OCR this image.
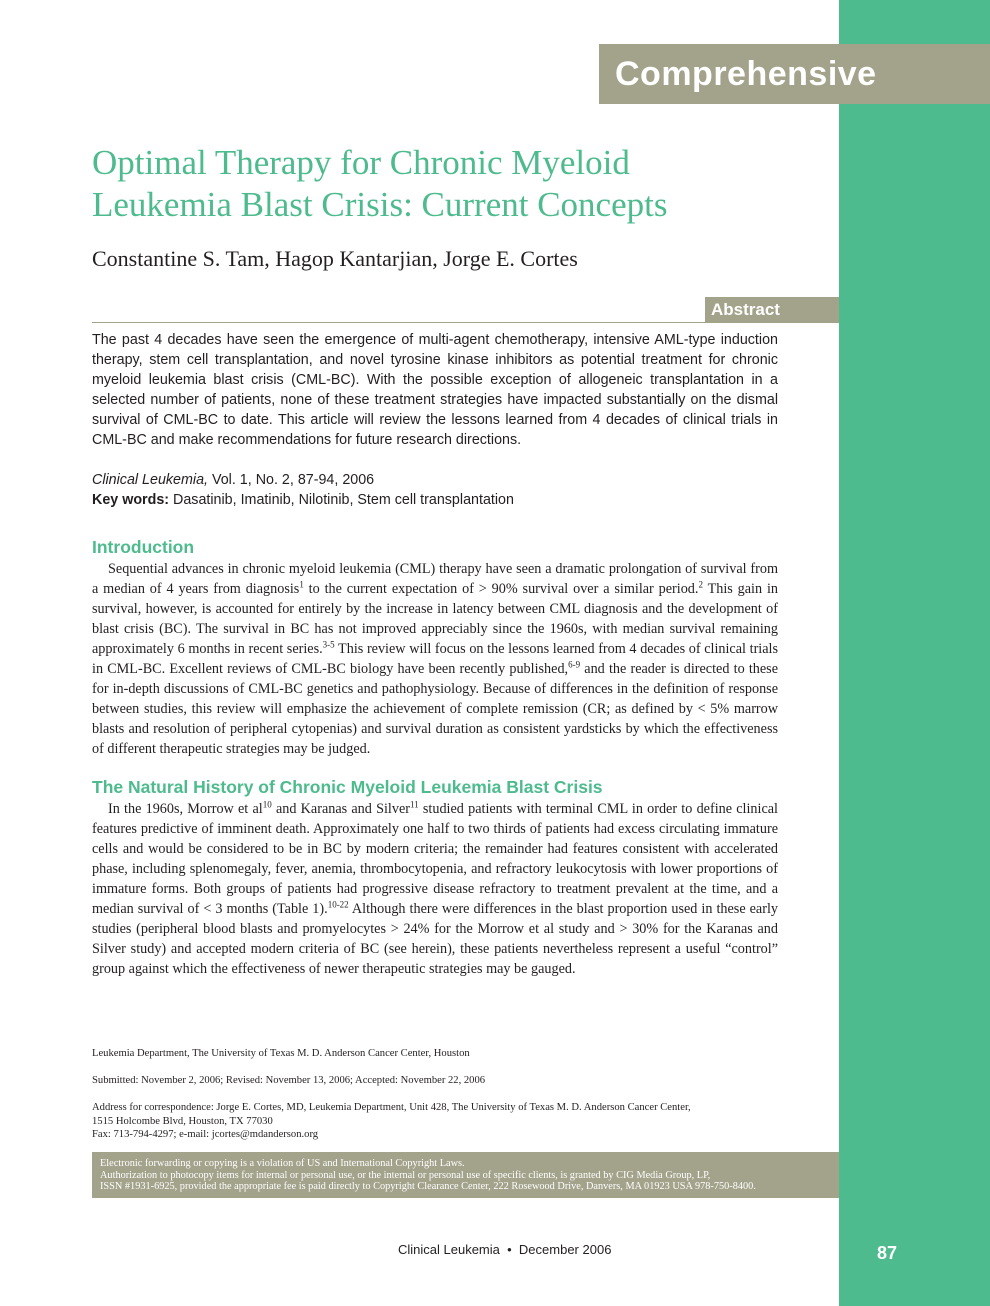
Comprehensive Review
Optimal Therapy for Chronic Myeloid
Leukemia Blast Crisis: Current Concepts
Constantine S. Tam, Hagop Kantarjian, Jorge E. Cortes
Abstract

The past 4 decades have seen the emergence of multi-agent chemotherapy, intensive AML-type induction therapy, stem cell transplantation, and novel tyrosine kinase inhibitors as potential treatment for chronic myeloid leukemia blast crisis (CML-BC). With the possible exception of allogeneic transplantation in a selected number of patients, none of these treatment strategies have impacted substantially on the dismal survival of CML-BC to date. This article will review the lessons learned from 4 decades of clinical trials in CML-BC and make recommendations for future research directions.

Clinical Leukemia, Vol. 1, No. 2, 87-94, 2006
Key words: Dasatinib, Imatinib, Nilotinib, Stem cell transplantation
Introduction

Sequential advances in chronic myeloid leukemia (CML) therapy have seen a dramatic prolongation of survival from a median of 4 years from diagnosis$^1$ to the current expectation of > 90% survival over a similar period.$^2$ This gain in survival, however, is accounted for entirely by the increase in latency between CML diagnosis and the development of blast crisis (BC). The survival in BC has not improved appreciably since the 1960s, with median survival remaining approximately 6 months in recent series.$^{3-5}$ This review will focus on the lessons learned from 4 decades of clinical trials in CML-BC. Excellent reviews of CML-BC biology have been recently published,$^{6-9}$ and the reader is directed to these for in-depth discussions of CML-BC genetics and pathophysiology. Because of differences in the definition of response between studies, this review will emphasize the achievement of complete remission (CR; as defined by < 5% marrow blasts and resolution of peripheral cytopenias) and survival duration as consistent yardsticks by which the effectiveness of different therapeutic strategies may be judged.

The Natural History of Chronic Myeloid Leukemia Blast Crisis

In the 1960s, Morrow et $al^{10}$ and Karanas and Silver$^{11}$ studied patients with terminal CML in order to define clinical features predictive of imminent death. Approximately one half to two thirds of patients had excess circulating immature cells and would be considered to be in BC by modern criteria; the remainder had features consistent with accelerated phase, including splenomegaly, fever, anemia, thrombocytopenia, and refractory leukocytosis with lower proportions of immature forms. Both groups of patients had progressive disease refractory to treatment prevalent at the time, and a median survival of < 3 months (Table 1).$^{10-22}$ Although there were differences in the blast proportion used in these early studies (peripheral blood blasts and promyelocytes > 24% for the Morrow et al study and > 30% for the Karanas and Silver study) and accepted modern criteria of BC (see herein), these patients nevertheless represent a useful “control” group against which the effectiveness of newer therapeutic strategies may be gauged.

Leukemia Department, The University of Texas M. D. Anderson Cancer Center, Houston

Submitted: November 2, 2006; Revised: November 13, 2006; Accepted: November 22, 2006

Address for correspondence: Jorge E. Cortes, MD, Leukemia Department, Unit 428, The University of Texas M. D. Anderson Cancer Center,
1515 Holcombe Blvd, Houston, TX 77030
Fax: 713-794-4297; e-mail: jcortes@mdanderson.org
Electronic forwarding or copying is a violation of US and International Copyright Laws.
Authorization to photocopy items for internal or personal use, or the internal or personal use of specific clients, is granted by CIG Media Group, LP,
ISSN #1931-6925, provided the appropriate fee is paid directly to Copyright Clearance Center, 222 Rosewood Drive, Danvers, MA 01923 USA 978-750-8400.
Clinical Leukemia • December 2006	87
